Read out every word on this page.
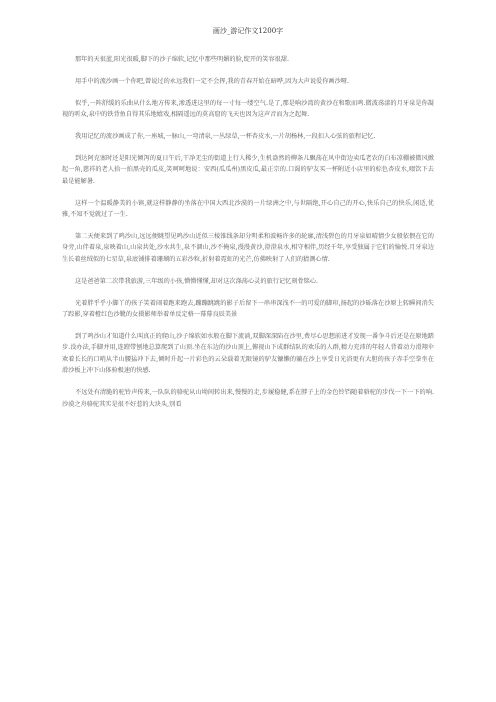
画沙_游记作文1200字

那年的天很蓝,阳光很暖,脚下的沙子绵软,记忆中那些明媚的脸,绽开的笑容很甜.

用手中的流沙画一个你吧,曾说过的永远我们一定不会挥,我的青春开始在暗哗,因为大声说爱你画沙哑.

似乎,一阵舒缓的乐曲从什么地方传来,渗透进这里的每一寸每一缕空气.是了,那是响沙湾的黄沙在和歌而鸣.微波荡漾的月牙泉是你凝视的听众,泉中的铁背鱼自得其乐地嬉戏,相隔遥远的莫高窟的飞天也因为这声音而为之起舞.

我用记忆的流沙画成了你,一座城,一脉山,一弯清泉,一丛绿草,一杯杏皮水,一片胡杨林,一段扣人心弦的旅程记忆.

到达阿克塞时还是阳光倾泻的夏日午后,干净无尘的街道上行人稀少,生机盎然的柳条儿飘荡在风中街边卖瓜老农的白布凉棚被微风掀起一角,慈祥的老人拾一拍黑壳的瓜皮,笑呵呵地说：安西(瓜瓜州)黑皮瓜,最正宗的.口渴的驴友买一杯附近小店里的棕色杏皮水,啜饮下去最是能解暑.

这样一个温暖静美的小镇,就这样静静的坐落在中国大西北沙漠的一片绿洲之中,与世隔绝,开心自己的开心,快乐自己的快乐,闲适,优雅,不知不觉就过了一生.

第二天便来到了鸣沙山,远远便眺望见鸣沙山近似三棱锥线条却分明柔和波畅许多的轮廓,清浅碧色的月牙泉如晴情少女般依偎在它的身旁,山伴着泉,泉映着山,山泉共处,沙水共生,泉不涸山,沙不掩泉,漫漫黄沙,澄澄泉水,相守相伴,历经千年,享受独属于它们的愉悦.月牙泉边生长着丝绒似的七星草,泉底铺排着珊瑚的五彩沙粒,折射着霓虹的光芒,仿佛映射了人们的猜测心情.

这是爸爸第二次带我旅游,三年级的小孩,懵懵懂懂,却对这次涤荡心灵的旅行记忆刻骨铭心.

光着胖乎乎小脚丫的孩子笑着闹着跑来跑去,蹦蹦跳跳的影子后留下一串串深浅不一的可爱的脚印,扬起的沙砾落在沙原上转瞬间消失了踪影,穿着橙红色沙靴的女摄影师举着单反定格一幕幕良辰美景

到了鸣沙山才知道什么叫真正的爬山,沙子绵软如水般在脚下流淌,双脚深深陷在沙里,费尽心思想前进才发现一番争斗后还是在原地踏步.没办法,手脚并用,连蹬带刨地总算爬到了山顶.坐在东边的沙山顶上,俯视山下成群结队的欢乐的人群,精力充沛的年轻人背着动力滑翔伞欢着长长的口哨从半山腰猛冲下去,倾时升起一片彩色的云朵载着无限镜的驴友镰懒的躺在沙上享受日光浴更有大胆的孩子赤手空拳坐在滑沙板上冲下山体验极速的快感.

不远处有清脆的驼铃声传来,一队队的骆驼从山坳间转出来,慢慢的走,步履稳健,系在脖子上的金色铃铛随着骆驼的步伐一下一下的响.沙漠之舟骆驼其实是很不好惹的大块头,别看
